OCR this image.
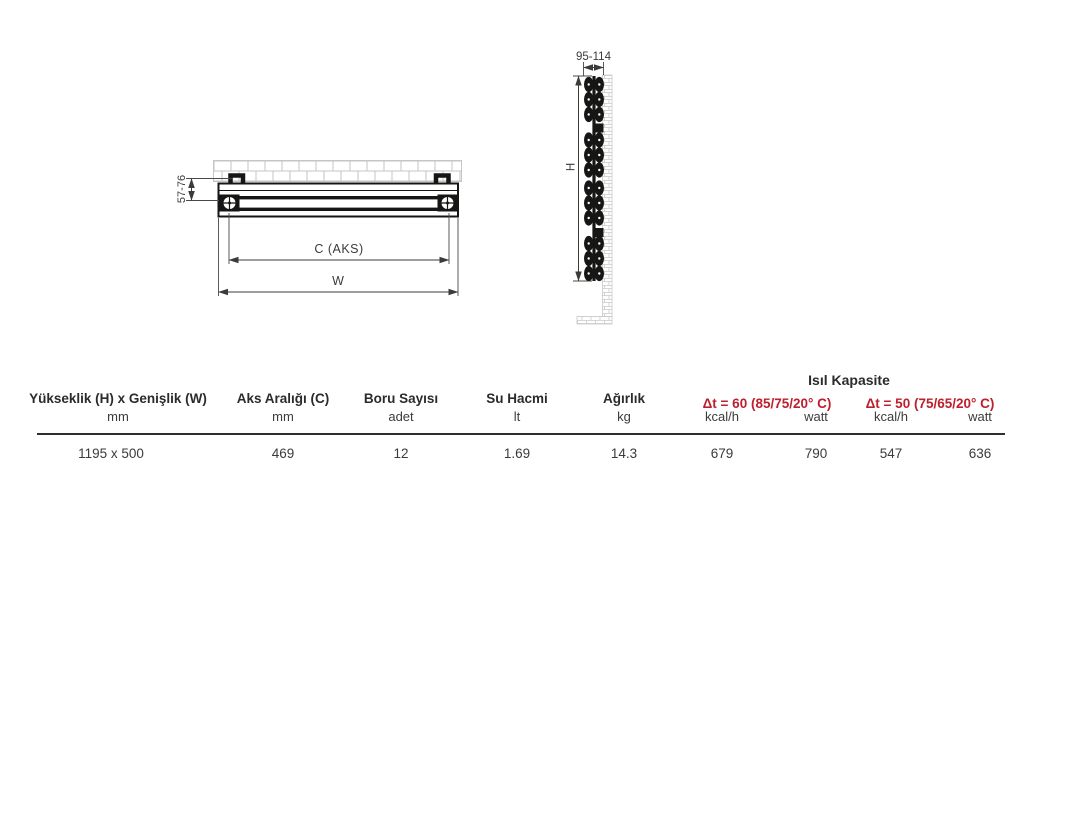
57-76
C (AKS)
W
95-114
H
Isıl Kapasite
Yükseklik (H) x Genişlik (W)
mm
Aks Aralığı (C)
mm
Boru Sayısı
adet
Su Hacmi
lt
Ağırlık
kg
Δt = 60 (85/75/20° C)	Δt = 50 (75/65/20° C)
kcal/h	watt	kcal/h	watt
1195 x 500	469	12	1.69	14.3	679	790	547	636
